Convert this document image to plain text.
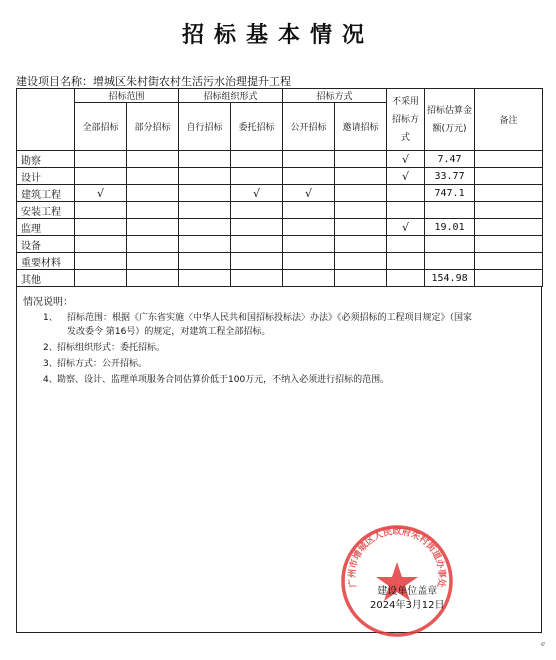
招标基本情况
建设项目名称：增城区朱村街农村生活污水治理提升工程
	招标范围		招标组织形式		招标方式		不采用招标方式	招标估算金额(万元)	备注
	全部招标	部分招标	自行招标	委托招标	公开招标	邀请招标			
勘察							√	7.47	
设计							√	33.77	
建筑工程	√			√	√			747.1	
安装工程									
监理							√	19.01	
设备									
重要材料									
其他								154.98	
情况说明：
1、 招标范围：根据《广东省实施〈中华人民共和国招标投标法〉办法》《必须招标的工程项目规定》（国家
发改委令 第16号）的规定，对建筑工程全部招标。
2、 招标组织形式：委托招标。
3、 招标方式：公开招标。
4、 勘察、设计、监理单项服务合同估算价低于100万元，不纳入必须进行招标的范围。
广州市增城区人民政府朱村街道办事处
建设单位盖章
2024年3月12日
ℯ
